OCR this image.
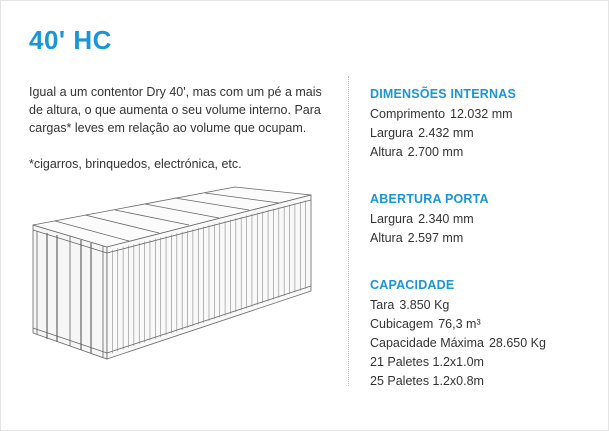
40' HC

Igual a um contentor Dry 40', mas com um pé a mais de altura, o que aumenta o seu volume interno. Para cargas* leves em relação ao volume que ocupam.

*cigarros, brinquedos, electrónica, etc.

DIMENSÕES INTERNAS
Comprimento 12.032 mm
Largura 2.432 mm
Altura 2.700 mm
ABERTURA PORTA
Largura 2.340 mm
Altura 2.597 mm
CAPACIDADE
Tara 3.850 Kg
Cubicagem 76,3 m³
Capacidade Máxima 28.650 Kg
21 Paletes 1.2x1.0m
25 Paletes 1.2x0.8m
